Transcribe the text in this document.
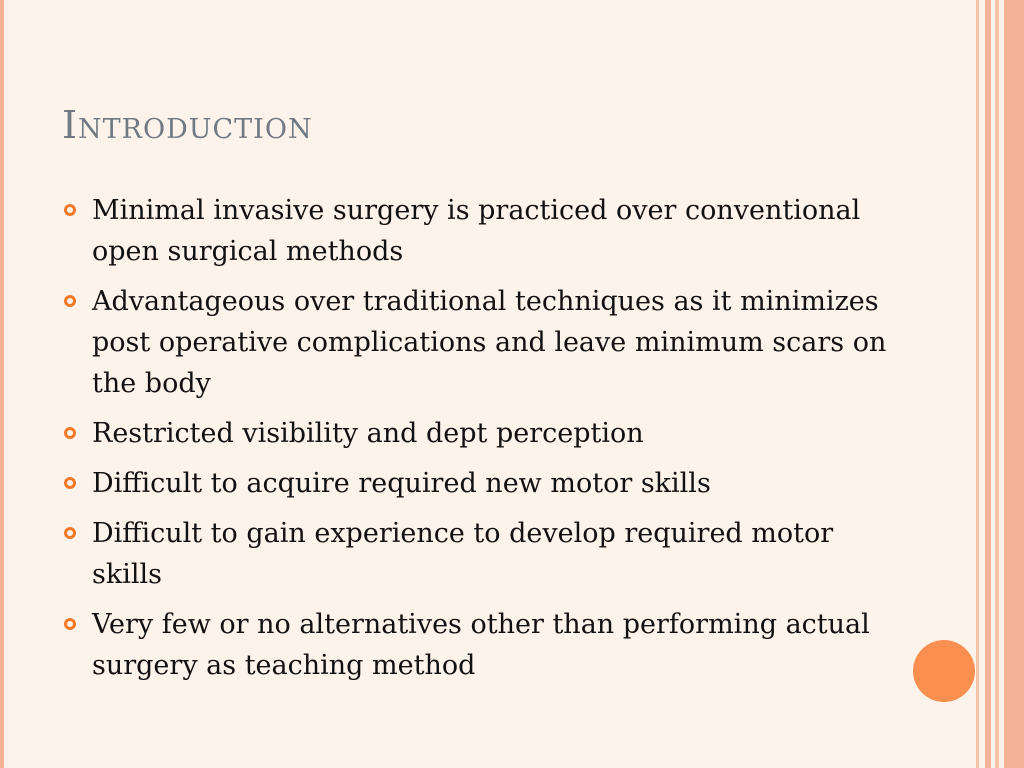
Introduction
Minimal invasive surgery is practiced over conventional open surgical methods
Advantageous over traditional techniques as it minimizes post operative complications and leave minimum scars on the body
Restricted visibility and dept perception
Difficult to acquire required new motor skills
Difficult to gain experience to develop required motor skills
Very few or no alternatives other than performing actual surgery as teaching method
